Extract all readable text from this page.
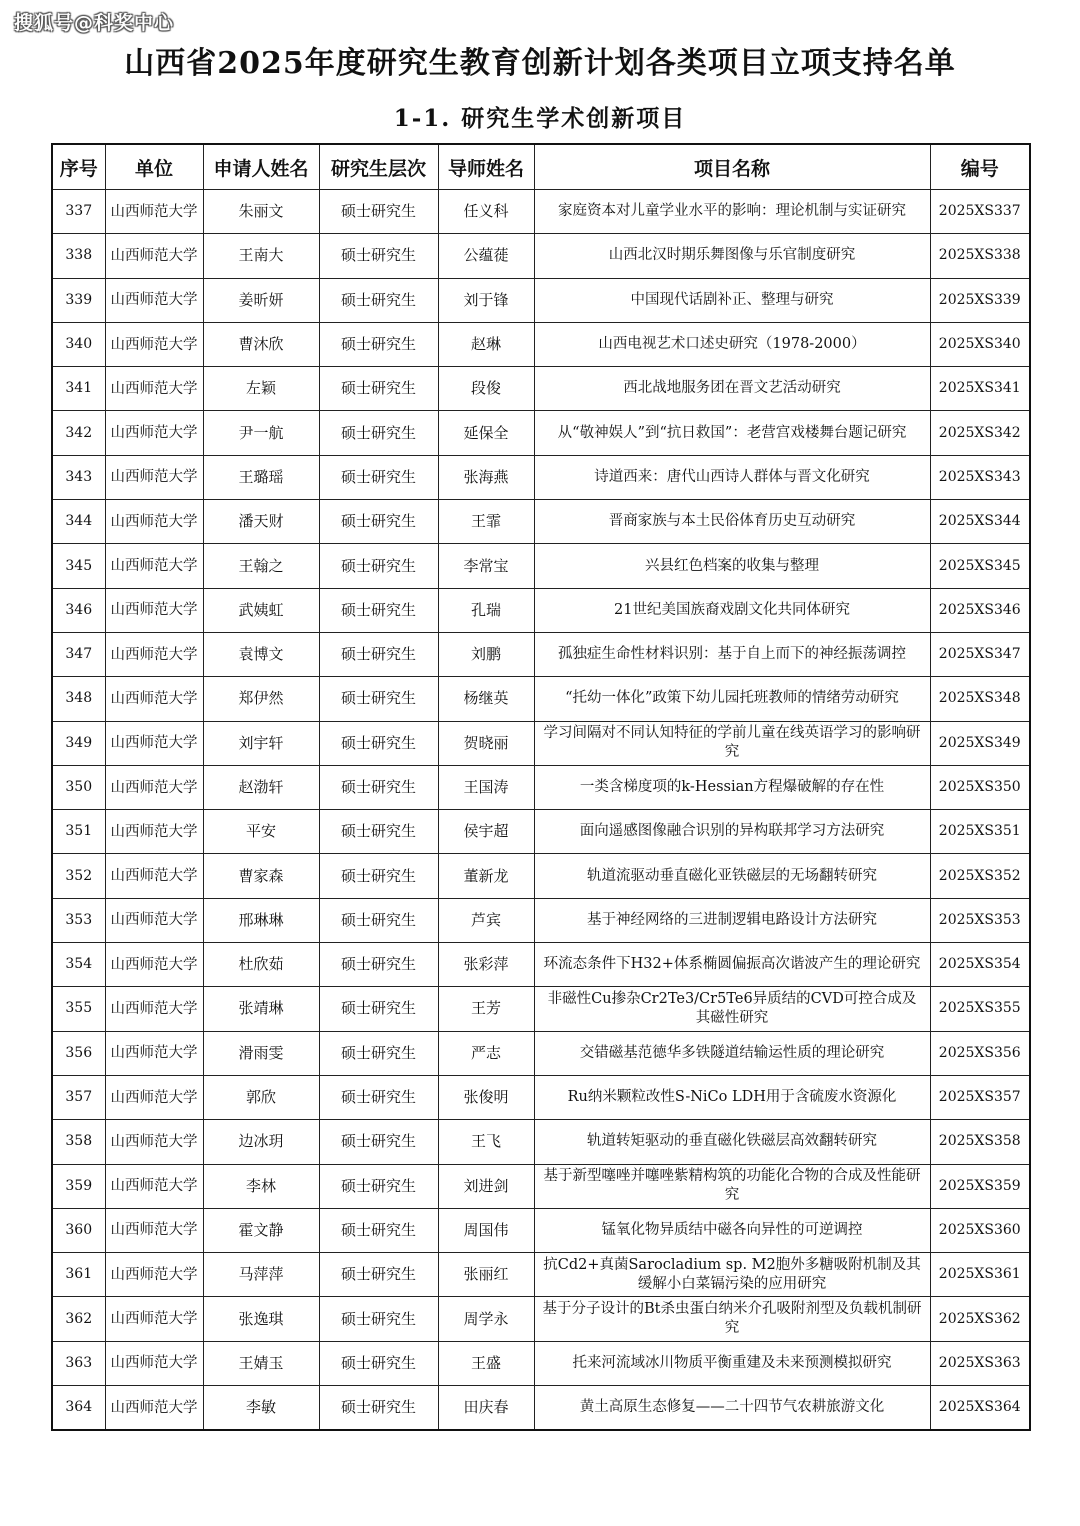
搜狐号@科奖中心
山西省2025年度研究生教育创新计划各类项目立项支持名单
1-1. 研究生学术创新项目
序号	单位	申请人姓名	研究生层次	导师姓名	项目名称	编号
337	山西师范大学	朱丽文	硕士研究生	任义科	家庭资本对儿童学业水平的影响：理论机制与实证研究	2025XS337
338	山西师范大学	王南大	硕士研究生	公蕴蓰	山西北汉时期乐舞图像与乐官制度研究	2025XS338
339	山西师范大学	姜昕妍	硕士研究生	刘于锋	中国现代话剧补正、整理与研究	2025XS339
340	山西师范大学	曹沐欣	硕士研究生	赵琳	山西电视艺术口述史研究（1978-2000）	2025XS340
341	山西师范大学	左颖	硕士研究生	段俊	西北战地服务团在晋文艺活动研究	2025XS341
342	山西师范大学	尹一航	硕士研究生	延保全	从“敬神娱人”到“抗日救国”：老营宫戏楼舞台题记研究	2025XS342
343	山西师范大学	王璐瑶	硕士研究生	张海燕	诗道西来：唐代山西诗人群体与晋文化研究	2025XS343
344	山西师范大学	潘天财	硕士研究生	王霏	晋商家族与本土民俗体育历史互动研究	2025XS344
345	山西师范大学	王翰之	硕士研究生	李常宝	兴县红色档案的收集与整理	2025XS345
346	山西师范大学	武姨虹	硕士研究生	孔瑞	21世纪美国族裔戏剧文化共同体研究	2025XS346
347	山西师范大学	袁博文	硕士研究生	刘鹏	孤独症生命性材料识别：基于自上而下的神经振荡调控	2025XS347
348	山西师范大学	郑伊然	硕士研究生	杨继英	“托幼一体化”政策下幼儿园托班教师的情绪劳动研究	2025XS348
349	山西师范大学	刘宇轩	硕士研究生	贺晓丽	学习间隔对不同认知特征的学前儿童在线英语学习的影响研究	2025XS349
350	山西师范大学	赵渤轩	硕士研究生	王国涛	一类含梯度项的k-Hessian方程爆破解的存在性	2025XS350
351	山西师范大学	平安	硕士研究生	侯宇超	面向遥感图像融合识别的异构联邦学习方法研究	2025XS351
352	山西师范大学	曹家森	硕士研究生	董新龙	轨道流驱动垂直磁化亚铁磁层的无场翻转研究	2025XS352
353	山西师范大学	邢琳琳	硕士研究生	芦宾	基于神经网络的三进制逻辑电路设计方法研究	2025XS353
354	山西师范大学	杜欣茹	硕士研究生	张彩萍	环流态条件下H32+体系椭圆偏振高次谐波产生的理论研究	2025XS354
355	山西师范大学	张靖琳	硕士研究生	王芳	非磁性Cu掺杂Cr2Te3/Cr5Te6异质结的CVD可控合成及其磁性研究	2025XS355
356	山西师范大学	滑雨雯	硕士研究生	严志	交错磁基范德华多铁隧道结输运性质的理论研究	2025XS356
357	山西师范大学	郭欣	硕士研究生	张俊明	Ru纳米颗粒改性S-NiCo LDH用于含硫废水资源化	2025XS357
358	山西师范大学	边冰玥	硕士研究生	王飞	轨道转矩驱动的垂直磁化铁磁层高效翻转研究	2025XS358
359	山西师范大学	李林	硕士研究生	刘进剑	基于新型噻唑并噻唑紫精构筑的功能化合物的合成及性能研究	2025XS359
360	山西师范大学	霍文静	硕士研究生	周国伟	锰氧化物异质结中磁各向异性的可逆调控	2025XS360
361	山西师范大学	马萍萍	硕士研究生	张丽红	抗Cd2+真菌Sarocladium sp. M2胞外多糖吸附机制及其缓解小白菜镉污染的应用研究	2025XS361
362	山西师范大学	张逸琪	硕士研究生	周学永	基于分子设计的Bt杀虫蛋白纳米介孔吸附剂型及负载机制研究	2025XS362
363	山西师范大学	王婧玉	硕士研究生	王盛	托来河流域冰川物质平衡重建及未来预测模拟研究	2025XS363
364	山西师范大学	李敏	硕士研究生	田庆春	黄土高原生态修复——二十四节气农耕旅游文化	2025XS364
